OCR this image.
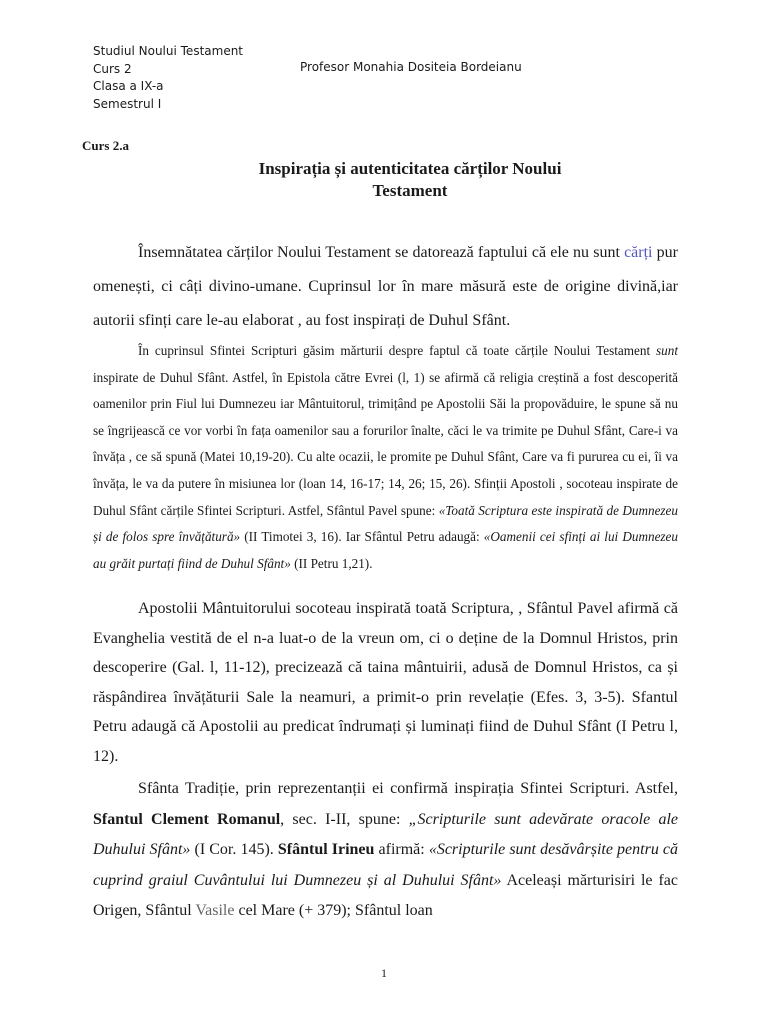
Studiul Noului Testament
Curs 2
Clasa a IX-a
Semestrul I
Profesor Monahia Dositeia Bordeianu
Curs 2.a
Inspirația și autenticitatea cărților Noului
Testament

Însemnătatea cărților Noului Testament se datorează faptului că ele nu sunt cărți pur omenești, ci câți divino-umane. Cuprinsul lor în mare măsură este de origine divină,iar autorii sfinți care le-au elaborat , au fost inspirați de Duhul Sfânt.

În cuprinsul Sfintei Scripturi găsim mărturii despre faptul că toate cărțile Noului Testament sunt inspirate de Duhul Sfânt. Astfel, în Epistola către Evrei (l, 1) se afirmă că religia creștină a fost descoperită oamenilor prin Fiul lui Dumnezeu iar Mântuitorul, trimițând pe Apostolii Săi la propovăduire, le spune să nu se îngrijească ce vor vorbi în fața oamenilor sau a forurilor înalte, căci le va trimite pe Duhul Sfânt, Care-i va învăța , ce să spună (Matei 10,19-20). Cu alte ocazii, le promite pe Duhul Sfânt, Care va fi pururea cu ei, îi va învăța, le va da putere în misiunea lor (loan 14, 16-17; 14, 26; 15, 26). Sfinții Apostoli , socoteau inspirate de Duhul Sfânt cărțile Sfintei Scripturi. Astfel, Sfântul Pavel spune: «Toată Scriptura este inspirată de Dumnezeu și de folos spre învățătură» (II Timotei 3, 16). Iar Sfântul Petru adaugă: «Oamenii cei sfinți ai lui Dumnezeu au grăit purtați fiind de Duhul Sfânt» (II Petru 1,21).

Apostolii Mântuitorului socoteau inspirată toată Scriptura, , Sfântul Pavel afirmă că Evanghelia vestită de el n-a luat-o de la vreun om, ci o deține de la Domnul Hristos, prin descoperire (Gal. l, 11-12), precizează că taina mântuirii, adusă de Domnul Hristos, ca și răspândirea învățăturii Sale la neamuri, a primit-o prin revelație (Efes. 3, 3-5). Sfantul Petru adaugă că Apostolii au predicat îndrumați și luminați fiind de Duhul Sfânt (I Petru l, 12).

Sfânta Tradiție, prin reprezentanții ei confirmă inspirația Sfintei Scripturi. Astfel, Sfantul Clement Romanul, sec. I-II, spune: „Scripturile sunt adevărate oracole ale Duhului Sfânt» (I Cor. 145). Sfântul Irineu afirmă: «Scripturile sunt desăvârșite pentru că cuprind graiul Cuvântului lui Dumnezeu și al Duhului Sfânt» Aceleași mărturisiri le fac Origen, Sfântul Vasile cel Mare (+ 379); Sfântul loan

1
